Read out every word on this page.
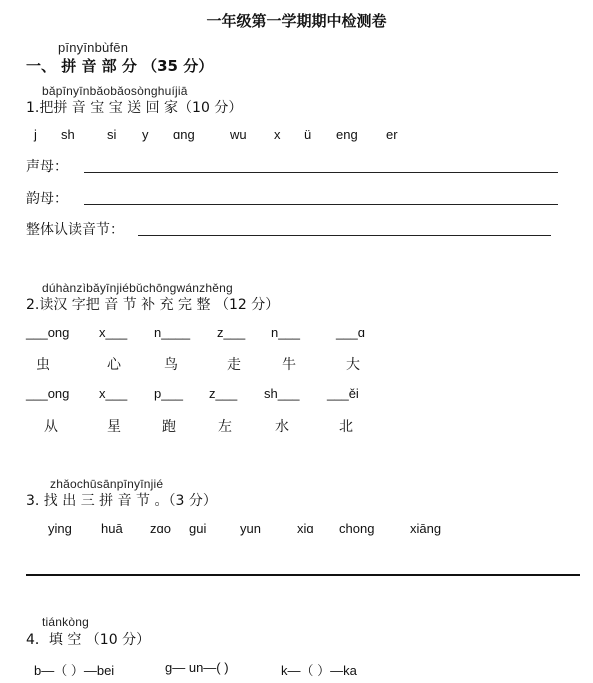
一年级第一学期期中检测卷
pīnyīnbùfēn
一、 拼 音 部 分 （35 分）
bǎpīnyīnbǎobǎosònghuíjiā
1.把拼 音 宝 宝 送 回 家（10 分）
j sh si y ɑng	wu x ü eng er
声母：
韵母：
整体认读音节：
dúhànzìbǎyīnjiébǔchōngwánzhěng
2.读汉 字把 音 节 补 充 完 整 （12 分）
___ong x___ n____ z___ n___	___ɑ
虫	心	鸟	走	牛	大
___ong x___ p___ z___ sh___ ___ěi
从	星	跑	左	水	北
zhǎochūsānpīnyīnjié
3. 找 出 三 拼 音 节 。（3 分）
ying huā zɑo ɡui	yun	xiɑ chong	xiānɡ
tiánkòng
4．填 空 （10 分）
b—（ ）—bei	ɡ— un—( )	k—（ ）—ka
